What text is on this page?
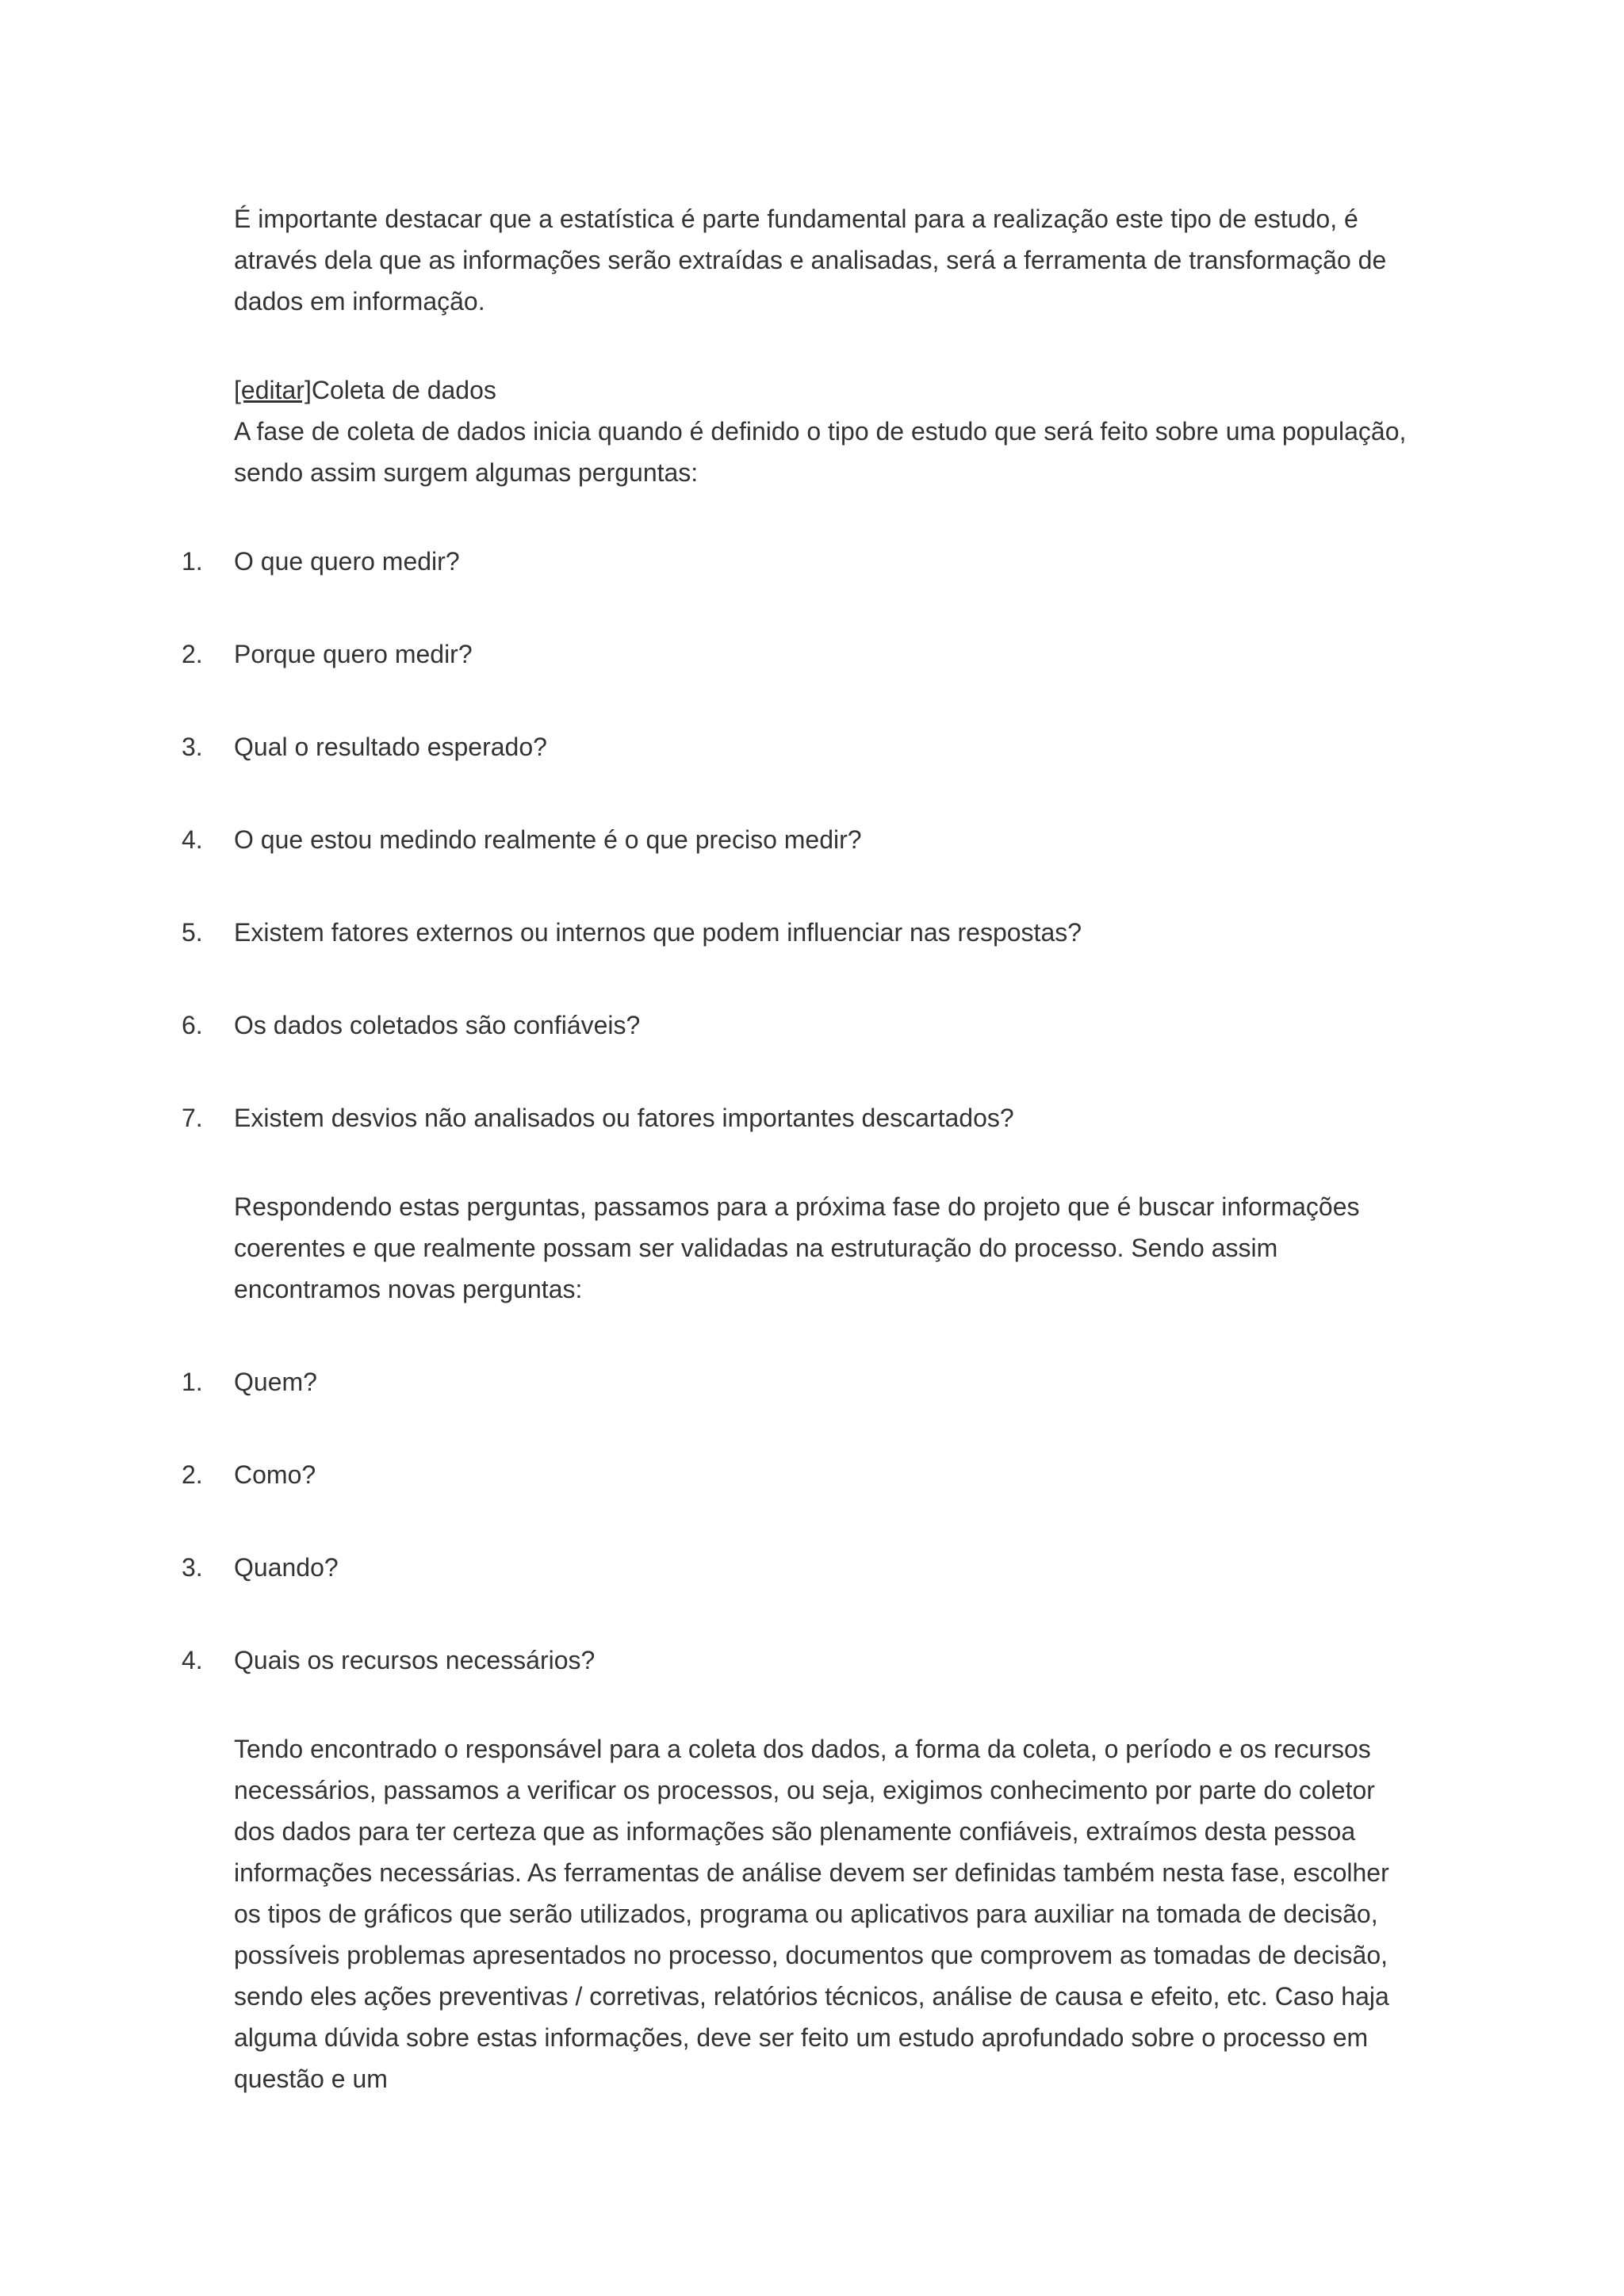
É importante destacar que a estatística é parte fundamental para a realização este tipo de estudo, é através dela que as informações serão extraídas e analisadas, será a ferramenta de transformação de dados em informação.

[editar]Coleta de dados

A fase de coleta de dados inicia quando é definido o tipo de estudo que será feito sobre uma população, sendo assim surgem algumas perguntas:

1. O que quero medir?
2. Porque quero medir?
3. Qual o resultado esperado?
4. O que estou medindo realmente é o que preciso medir?
5. Existem fatores externos ou internos que podem influenciar nas respostas?
6. Os dados coletados são confiáveis?
7. Existem desvios não analisados ou fatores importantes descartados?

Respondendo estas perguntas, passamos para a próxima fase do projeto que é buscar informações coerentes e que realmente possam ser validadas na estruturação do processo. Sendo assim encontramos novas perguntas:

1. Quem?
2. Como?
3. Quando?
4. Quais os recursos necessários?

Tendo encontrado o responsável para a coleta dos dados, a forma da coleta, o período e os recursos necessários, passamos a verificar os processos, ou seja, exigimos conhecimento por parte do coletor dos dados para ter certeza que as informações são plenamente confiáveis, extraímos desta pessoa informações necessárias. As ferramentas de análise devem ser definidas também nesta fase, escolher os tipos de gráficos que serão utilizados, programa ou aplicativos para auxiliar na tomada de decisão, possíveis problemas apresentados no processo, documentos que comprovem as tomadas de decisão, sendo eles ações preventivas / corretivas, relatórios técnicos, análise de causa e efeito, etc. Caso haja alguma dúvida sobre estas informações, deve ser feito um estudo aprofundado sobre o processo em questão e um
